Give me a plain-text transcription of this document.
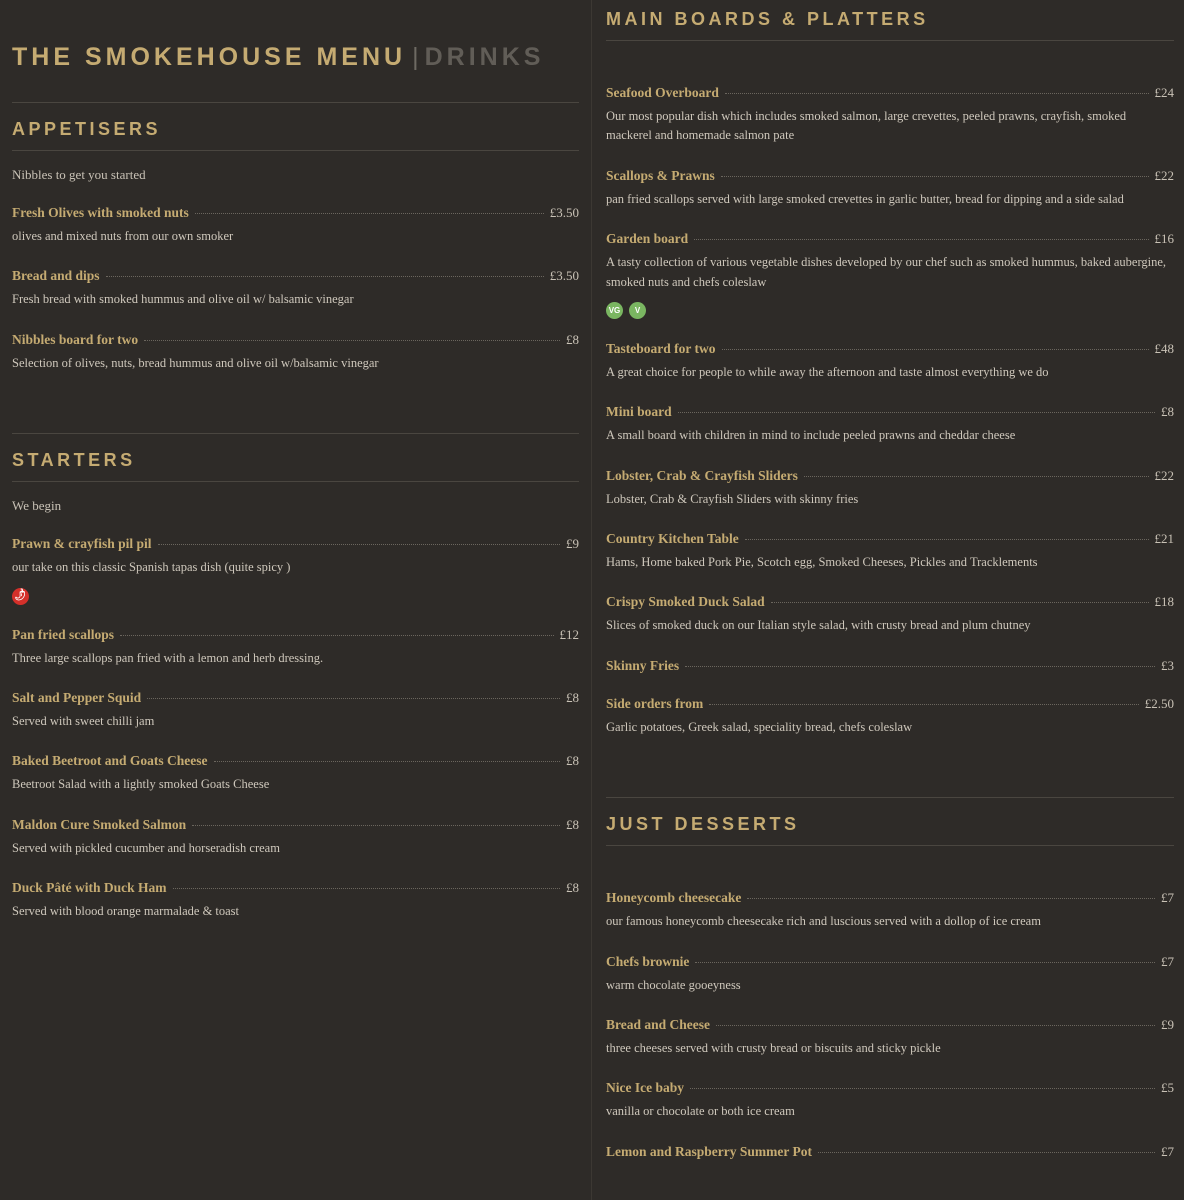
THE SMOKEHOUSE MENU |DRINKS
APPETISERS
Nibbles to get you started
Fresh Olives with smoked nuts	£3.50
olives and mixed nuts from our own smoker
Bread and dips	£3.50
Fresh bread with smoked hummus and olive oil w/ balsamic vinegar
Nibbles board for two	£8
Selection of olives, nuts, bread hummus and olive oil w/balsamic vinegar
STARTERS
We begin
Prawn & crayfish pil pil	£9
our take on this classic Spanish tapas dish (quite spicy )
🌶
Pan fried scallops	£12
Three large scallops pan fried with a lemon and herb dressing.
Salt and Pepper Squid	£8
Served with sweet chilli jam
Baked Beetroot and Goats Cheese	£8
Beetroot Salad with a lightly smoked Goats Cheese
Maldon Cure Smoked Salmon	£8
Served with pickled cucumber and horseradish cream
Duck Pâté with Duck Ham	£8
Served with blood orange marmalade & toast
MAIN BOARDS & PLATTERS
Seafood Overboard	£24
Our most popular dish which includes smoked salmon, large crevettes, peeled prawns, crayfish, smoked mackerel and homemade salmon pate
Scallops & Prawns	£22
pan fried scallops served with large smoked crevettes in garlic butter, bread for dipping and a side salad
Garden board	£16
A tasty collection of various vegetable dishes developed by our chef such as smoked hummus, baked aubergine, smoked nuts and chefs coleslaw
VG	V
Tasteboard for two	£48
A great choice for people to while away the afternoon and taste almost everything we do
Mini board	£8
A small board with children in mind to include peeled prawns and cheddar cheese
Lobster, Crab & Crayfish Sliders	£22
Lobster, Crab & Crayfish Sliders with skinny fries
Country Kitchen Table	£21
Hams, Home baked Pork Pie, Scotch egg, Smoked Cheeses, Pickles and Tracklements
Crispy Smoked Duck Salad	£18
Slices of smoked duck on our Italian style salad, with crusty bread and plum chutney
Skinny Fries	£3
Side orders from	£2.50
Garlic potatoes, Greek salad, speciality bread, chefs coleslaw
JUST DESSERTS
Honeycomb cheesecake	£7
our famous honeycomb cheesecake rich and luscious served with a dollop of ice cream
Chefs brownie	£7
warm chocolate gooeyness
Bread and Cheese	£9
three cheeses served with crusty bread or biscuits and sticky pickle
Nice Ice baby	£5
vanilla or chocolate or both ice cream
Lemon and Raspberry Summer Pot	£7
